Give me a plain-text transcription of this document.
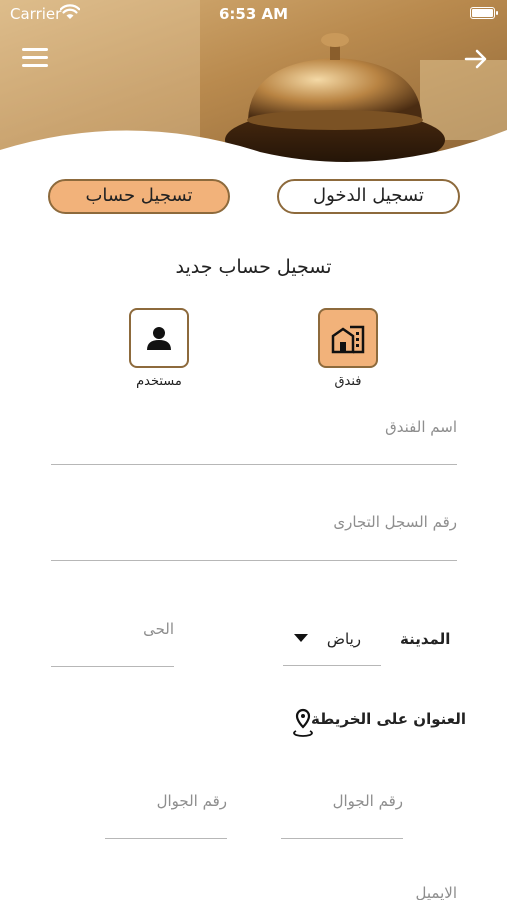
Carrier	6:53 AM
تسجيل حساب	تسجيل الدخول
تسجيل حساب جديد
فندق
مستخدم
اسم الفندق
رقم السجل التجارى
المدينة
رياض
الحى
العنوان على الخريطة
رقم الجوال
رقم الجوال
الايميل
